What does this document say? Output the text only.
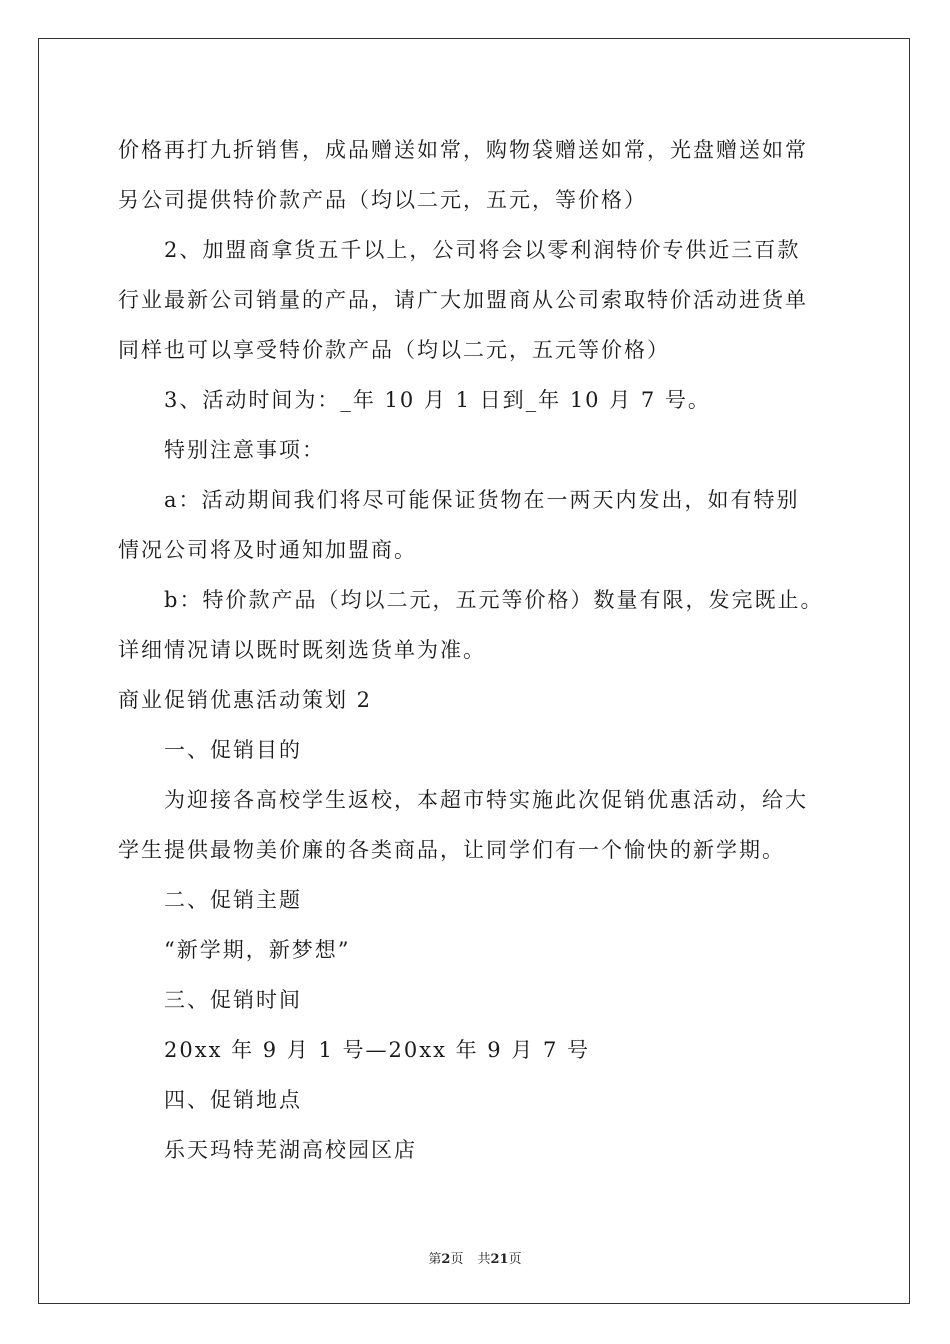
价格再打九折销售，成品赠送如常，购物袋赠送如常，光盘赠送如常
另公司提供特价款产品（均以二元，五元，等价格）
2、加盟商拿货五千以上，公司将会以零利润特价专供近三百款
行业最新公司销量的产品，请广大加盟商从公司索取特价活动进货单
同样也可以享受特价款产品（均以二元，五元等价格）
3、活动时间为：_年 10 月 1 日到_年 10 月 7 号。
特别注意事项：
a：活动期间我们将尽可能保证货物在一两天内发出，如有特别
情况公司将及时通知加盟商。
b：特价款产品（均以二元，五元等价格）数量有限，发完既止。
详细情况请以既时既刻选货单为准。
商业促销优惠活动策划 2
一、促销目的
为迎接各高校学生返校，本超市特实施此次促销优惠活动，给大
学生提供最物美价廉的各类商品，让同学们有一个愉快的新学期。
二、促销主题
“新学期，新梦想”
三、促销时间
20xx 年 9 月 1 号—20xx 年 9 月 7 号
四、促销地点
乐天玛特芜湖高校园区店
第2页 共21页
